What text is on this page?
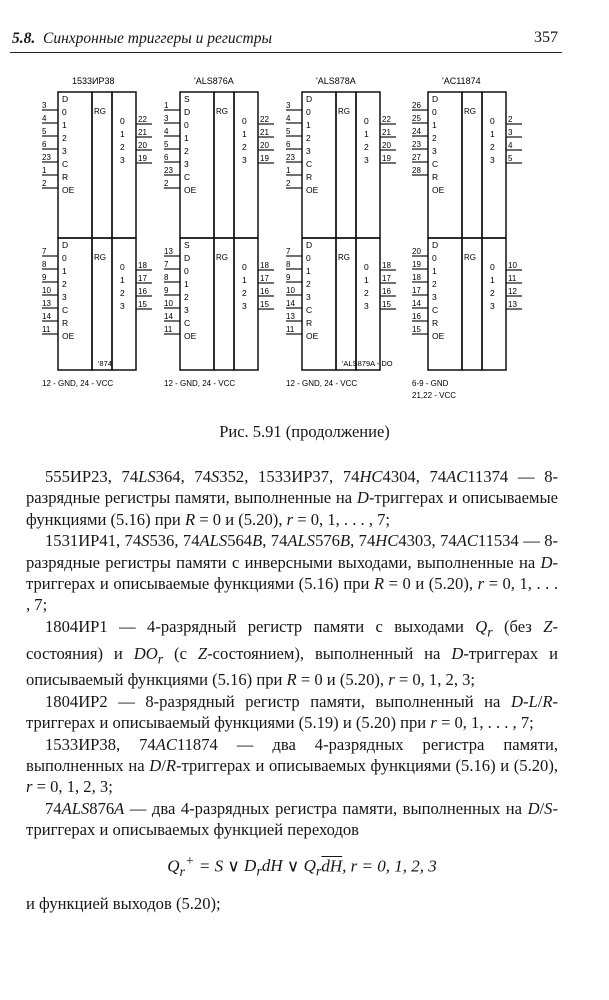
5.8. Синхронные триггеры и регистры	357
1533ИР38
RG
RG
D
0
1
2
3
C
R
OE
D
0
1
2
3
C
R
OE
0
0
1
1
2
2
3
3
3
4
5
6
23
1
2
7
8
9
10
13
14
11
22
21
20
19
18
17
16
15
'874
12 - GND, 24 - VCC
'ALS876A
RG
RG
S
D
0
1
2
3
C
OE
S
D
0
1
2
3
C
OE
0
0
1
1
2
2
3
3
1
3
4
5
6
23
2
13
7
8
9
10
14
11
22
21
20
19
18
17
16
15
12 - GND, 24 - VCC
'ALS878A
RG
RG
D
0
1
2
3
C
R
OE
D
0
1
2
3
C
R
OE
0
0
1
1
2
2
3
3
3
4
5
6
23
1
2
7
8
9
10
14
13
11
22
21
20
19
18
17
16
15
'ALS879A - DO
12 - GND, 24 - VCC
'AC11874
RG
RG
D
0
1
2
3
C
R
OE
D
0
1
2
3
C
R
OE
0
0
1
1
2
2
3
3
26
25
24
23
27
28
20
19
18
17
14
16
15
2
3
4
5
10
11
12
13
6-9 - GND
21,22 - VCC
Рис. 5.91 (продолжение)

555ИР23, 74LS364, 74S352, 1533ИР37, 74HC4304, 74AC11374 — 8-разрядные регистры памяти, выполненные на D-триггерах и описываемые функциями (5.16) при R = 0 и (5.20), r = 0, 1, . . . , 7;

1531ИР41, 74S536, 74ALS564B, 74ALS576B, 74HC4303, 74AC11534 — 8-разрядные регистры памяти с инверсными выходами, выполненные на D-триггерах и описываемые функциями (5.16) при R = 0 и (5.20), r = 0, 1, . . . , 7;

1804ИР1 — 4-разрядный регистр памяти с выходами $Q_r$ (без Z-состояния) и $DO_r$ (с Z-состоянием), выполненный на D-триггерах и описываемый функциями (5.16) при R = 0 и (5.20), r = 0, 1, 2, 3;

1804ИР2 — 8-разрядный регистр памяти, выполненный на D-L/R-триггерах и описываемый функциями (5.19) и (5.20) при r = 0, 1, . . . , 7;

1533ИР38, 74AC11874 — два 4-разрядных регистра памяти, выполненных на D/R-триггерах и описываемых функциями (5.16) и (5.20), r = 0, 1, 2, 3;

74ALS876A — два 4-разрядных регистра памяти, выполненных на D/S-триггерах и описываемых функцией переходов

$Q_r^+ = S$ ∨ $D_rdH$ ∨ $Q_r\overline{dH}$, r = 0, 1, 2, 3

и функцией выходов (5.20);
